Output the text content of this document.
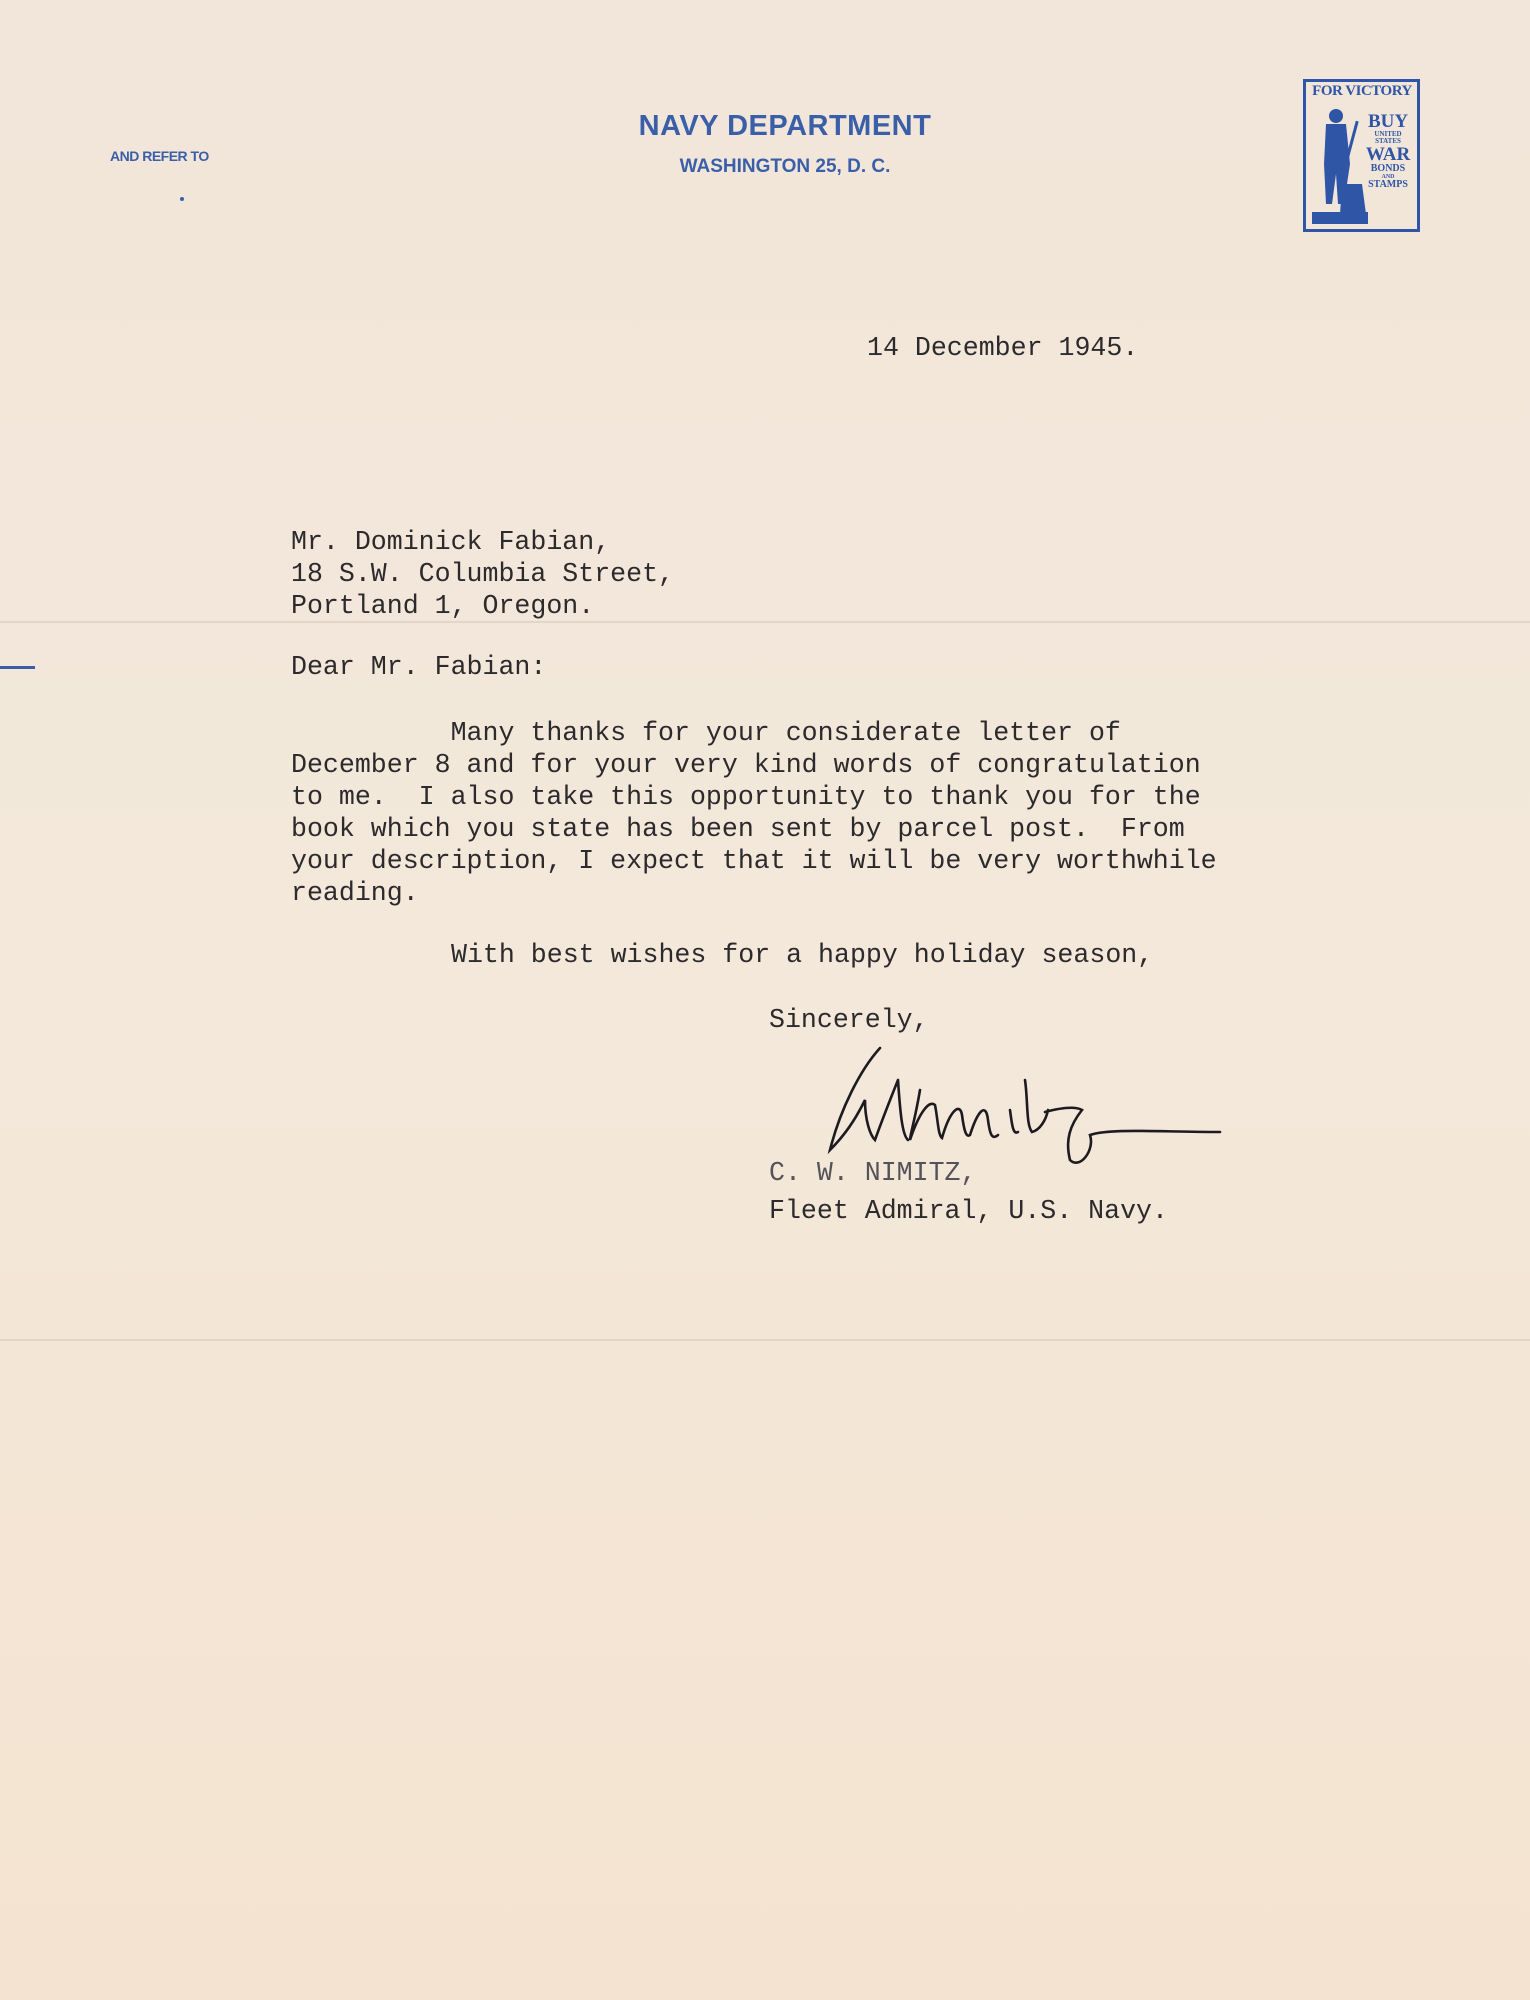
NAVY DEPARTMENT
WASHINGTON 25, D. C.
AND REFER TO
FOR VICTORY
BUY
UNITED
STATES
WAR
BONDS
AND
STAMPS
14 December 1945.
Mr. Dominick Fabian,
18 S.W. Columbia Street,
Portland 1, Oregon.
Dear Mr. Fabian:
Many thanks for your considerate letter of
December 8 and for your very kind words of congratulation
to me.  I also take this opportunity to thank you for the
book which you state has been sent by parcel post.  From
your description, I expect that it will be very worthwhile
reading.
With best wishes for a happy holiday season,
Sincerely,
C. W. NIMITZ,
Fleet Admiral, U.S. Navy.
